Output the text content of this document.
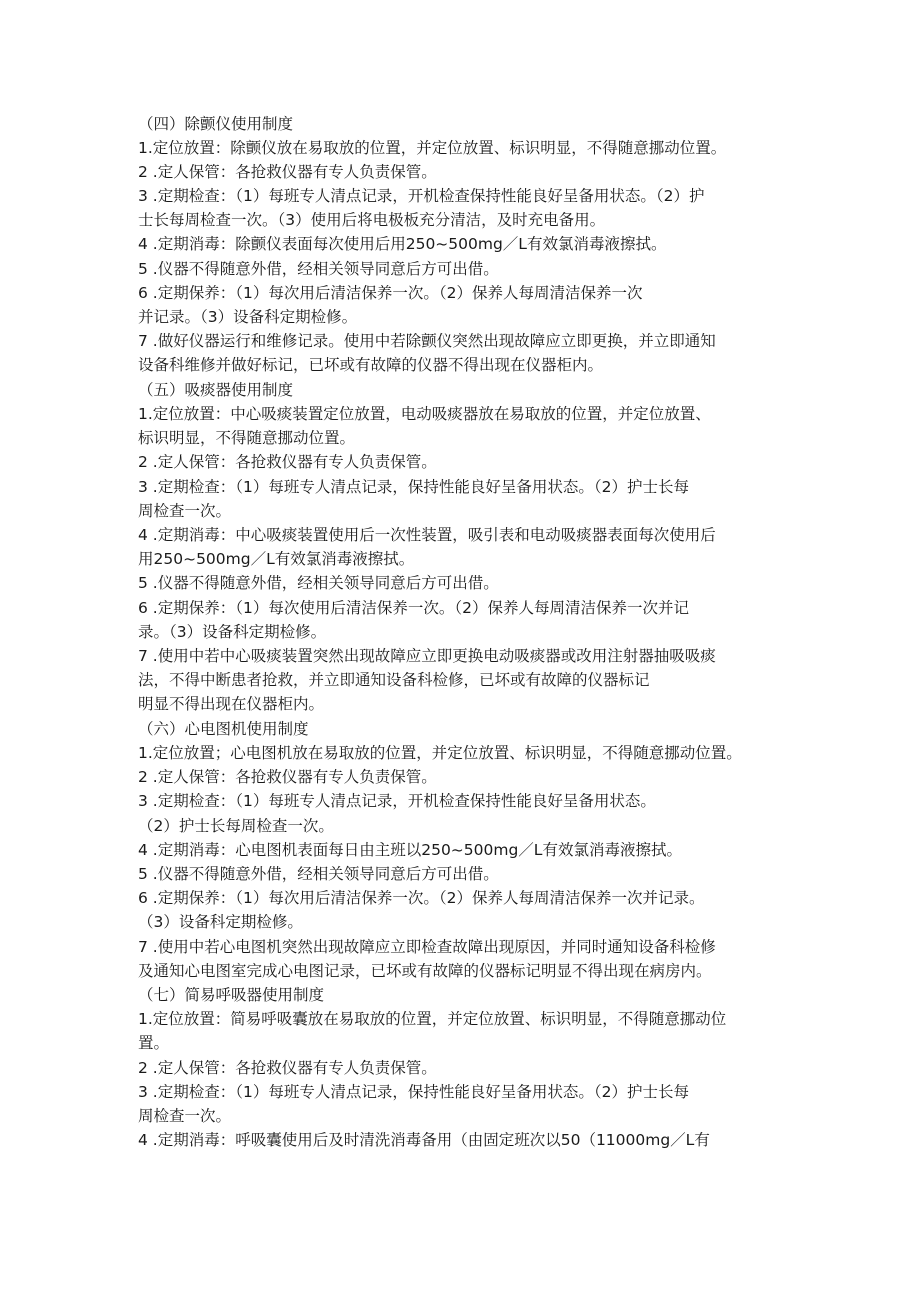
（四）除颤仪使用制度
1.定位放置：除颤仪放在易取放的位置，并定位放置、标识明显，不得随意挪动位置。
2 .定人保管：各抢救仪器有专人负责保管。
3 .定期检查：（1）每班专人清点记录，开机检查保持性能良好呈备用状态。（2）护
士长每周检查一次。（3）使用后将电极板充分清洁，及时充电备用。
4 .定期消毒：除颤仪表面每次使用后用250~500mg／L有效氯消毒液擦拭。
5 .仪器不得随意外借，经相关领导同意后方可出借。
6 .定期保养：（1）每次用后清洁保养一次。（2）保养人每周清洁保养一次
并记录。（3）设备科定期检修。
7 .做好仪器运行和维修记录。使用中若除颤仪突然出现故障应立即更换，并立即通知
设备科维修并做好标记，已坏或有故障的仪器不得出现在仪器柜内。
（五）吸痰器使用制度
1.定位放置：中心吸痰装置定位放置，电动吸痰器放在易取放的位置，并定位放置、
标识明显，不得随意挪动位置。
2 .定人保管：各抢救仪器有专人负责保管。
3 .定期检查：（1）每班专人清点记录，保持性能良好呈备用状态。（2）护士长每
周检查一次。
4 .定期消毒：中心吸痰装置使用后一次性装置，吸引表和电动吸痰器表面每次使用后
用250~500mg／L有效氯消毒液擦拭。
5 .仪器不得随意外借，经相关领导同意后方可出借。
6 .定期保养：（1）每次使用后清洁保养一次。（2）保养人每周清洁保养一次并记
录。（3）设备科定期检修。
7 .使用中若中心吸痰装置突然出现故障应立即更换电动吸痰器或改用注射器抽吸吸痰
法，不得中断患者抢救，并立即通知设备科检修，已坏或有故障的仪器标记
明显不得出现在仪器柜内。
（六）心电图机使用制度
1.定位放置；心电图机放在易取放的位置，并定位放置、标识明显，不得随意挪动位置。
2 .定人保管：各抢救仪器有专人负责保管。
3 .定期检查：（1）每班专人清点记录，开机检查保持性能良好呈备用状态。
（2）护士长每周检查一次。
4 .定期消毒：心电图机表面每日由主班以250~500mg／L有效氯消毒液擦拭。
5 .仪器不得随意外借，经相关领导同意后方可出借。
6 .定期保养：（1）每次用后清洁保养一次。（2）保养人每周清洁保养一次并记录。
（3）设备科定期检修。
7 .使用中若心电图机突然出现故障应立即检查故障出现原因，并同时通知设备科检修
及通知心电图室完成心电图记录，已坏或有故障的仪器标记明显不得出现在病房内。
（七）简易呼吸器使用制度
1.定位放置：简易呼吸囊放在易取放的位置，并定位放置、标识明显，不得随意挪动位
置。
2 .定人保管：各抢救仪器有专人负责保管。
3 .定期检查：（1）每班专人清点记录，保持性能良好呈备用状态。（2）护士长每
周检查一次。
4 .定期消毒：呼吸囊使用后及时清洗消毒备用（由固定班次以50（11000mg／L有
